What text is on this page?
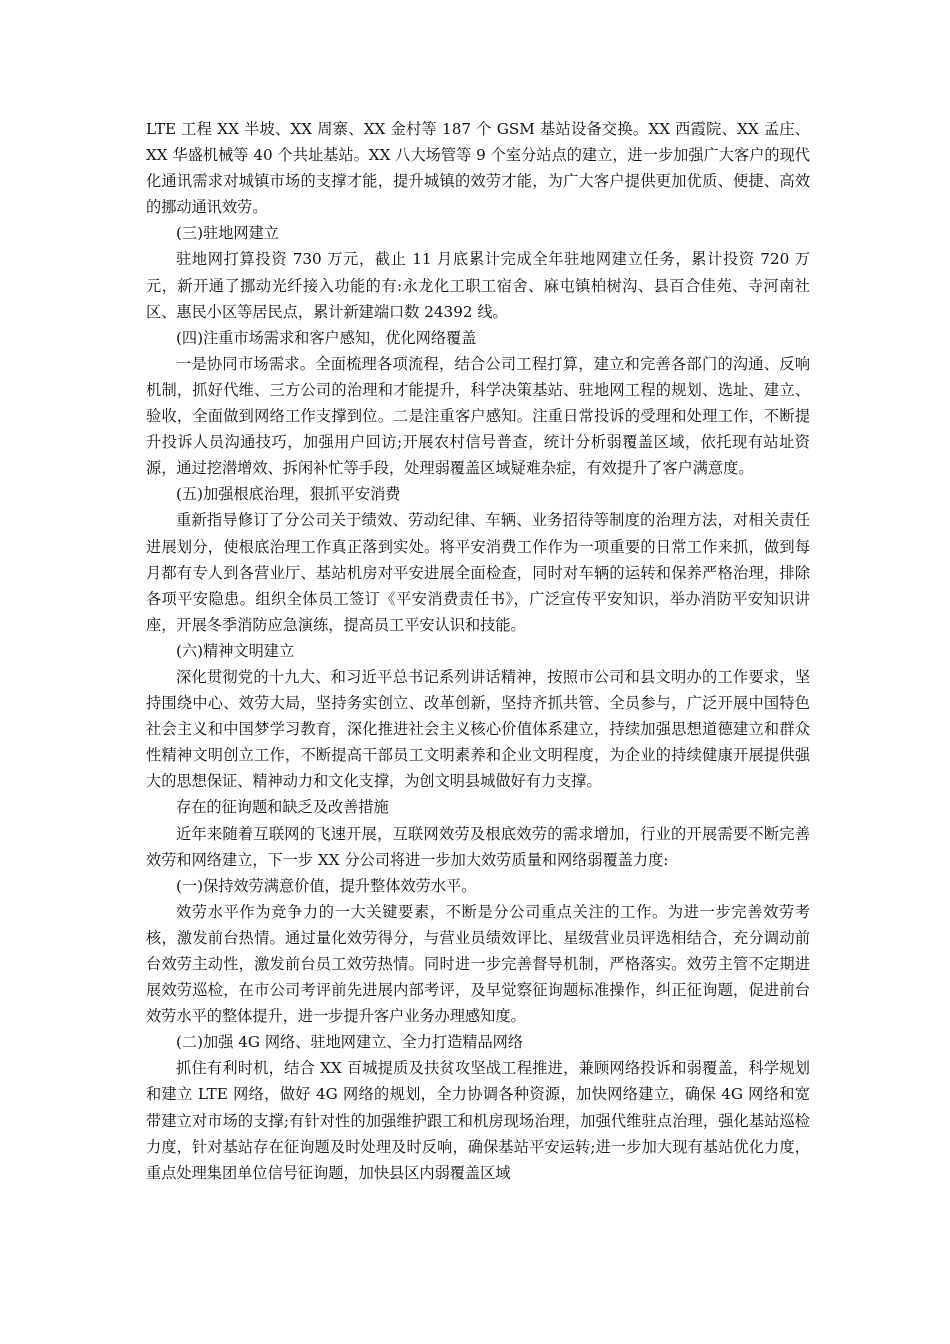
LTE 工程 XX 半坡、XX 周寨、XX 金村等 187 个 GSM 基站设备交换。XX 西霞院、XX 孟庄、XX 华盛机械等 40 个共址基站。XX 八大场管等 9 个室分站点的建立，进一步加强广大客户的现代化通讯需求对城镇市场的支撑才能，提升城镇的效劳才能，为广大客户提供更加优质、便捷、高效的挪动通讯效劳。

(三)驻地网建立

驻地网打算投资 730 万元，截止 11 月底累计完成全年驻地网建立任务，累计投资 720 万元，新开通了挪动光纤接入功能的有:永龙化工职工宿舍、麻屯镇柏树沟、县百合佳苑、寺河南社区、惠民小区等居民点，累计新建端口数 24392 线。

(四)注重市场需求和客户感知，优化网络覆盖

一是协同市场需求。全面梳理各项流程，结合公司工程打算，建立和完善各部门的沟通、反响机制，抓好代维、三方公司的治理和才能提升，科学决策基站、驻地网工程的规划、选址、建立、验收，全面做到网络工作支撑到位。二是注重客户感知。注重日常投诉的受理和处理工作，不断提升投诉人员沟通技巧，加强用户回访;开展农村信号普查，统计分析弱覆盖区域，依托现有站址资源，通过挖潜增效、拆闲补忙等手段，处理弱覆盖区域疑难杂症，有效提升了客户满意度。

(五)加强根底治理，狠抓平安消费

重新指导修订了分公司关于绩效、劳动纪律、车辆、业务招待等制度的治理方法，对相关责任进展划分，使根底治理工作真正落到实处。将平安消费工作作为一项重要的日常工作来抓，做到每月都有专人到各营业厅、基站机房对平安进展全面检查，同时对车辆的运转和保养严格治理，排除各项平安隐患。组织全体员工签订《平安消费责任书》，广泛宣传平安知识，举办消防平安知识讲座，开展冬季消防应急演练，提高员工平安认识和技能。

(六)精神文明建立

深化贯彻党的十九大、和习近平总书记系列讲话精神，按照市公司和县文明办的工作要求，坚持围绕中心、效劳大局，坚持务实创立、改革创新，坚持齐抓共管、全员参与，广泛开展中国特色社会主义和中国梦学习教育，深化推进社会主义核心价值体系建立，持续加强思想道德建立和群众性精神文明创立工作，不断提高干部员工文明素养和企业文明程度，为企业的持续健康开展提供强大的思想保证、精神动力和文化支撑，为创文明县城做好有力支撑。

存在的征询题和缺乏及改善措施

近年来随着互联网的飞速开展，互联网效劳及根底效劳的需求增加，行业的开展需要不断完善效劳和网络建立，下一步 XX 分公司将进一步加大效劳质量和网络弱覆盖力度:

(一)保持效劳满意价值，提升整体效劳水平。

效劳水平作为竞争力的一大关键要素，不断是分公司重点关注的工作。为进一步完善效劳考核，激发前台热情。通过量化效劳得分，与营业员绩效评比、星级营业员评选相结合，充分调动前台效劳主动性，激发前台员工效劳热情。同时进一步完善督导机制，严格落实。效劳主管不定期进展效劳巡检，在市公司考评前先进展内部考评，及早觉察征询题标准操作，纠正征询题，促进前台效劳水平的整体提升，进一步提升客户业务办理感知度。

(二)加强 4G 网络、驻地网建立、全力打造精品网络

抓住有利时机，结合 XX 百城提质及扶贫攻坚战工程推进，兼顾网络投诉和弱覆盖，科学规划和建立 LTE 网络，做好 4G 网络的规划，全力协调各种资源，加快网络建立，确保 4G 网络和宽带建立对市场的支撑;有针对性的加强维护跟工和机房现场治理，加强代维驻点治理，强化基站巡检力度，针对基站存在征询题及时处理及时反响，确保基站平安运转;进一步加大现有基站优化力度，重点处理集团单位信号征询题，加快县区内弱覆盖区域
